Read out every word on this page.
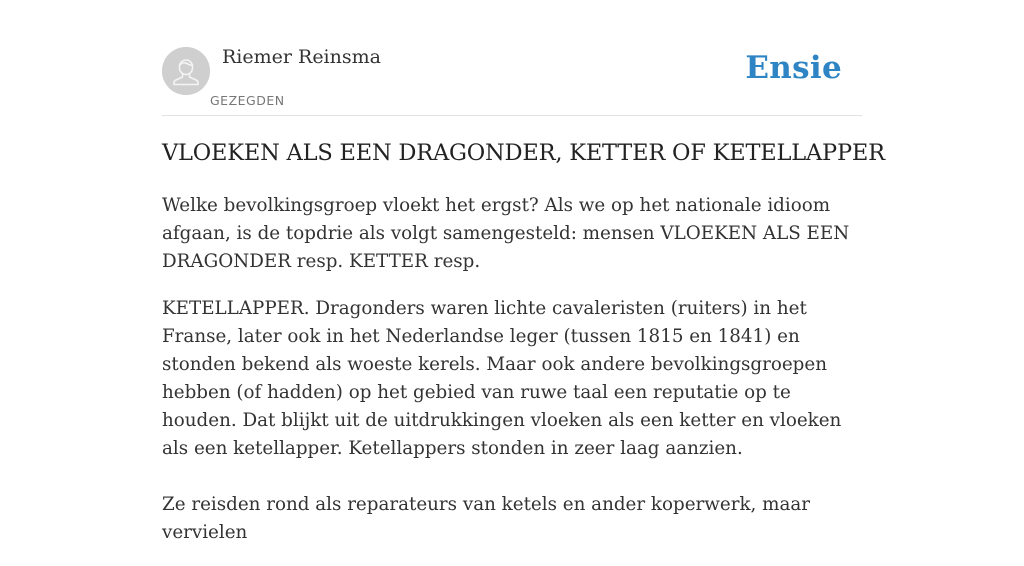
Riemer Reinsma
GEZEGDEN
Ensie
VLOEKEN ALS EEN DRAGONDER, KETTER OF KETELLAPPER

Welke bevolkingsgroep vloekt het ergst? Als we op het nationale idioom afgaan, is de topdrie als volgt samengesteld: mensen VLOEKEN ALS EEN DRAGONDER resp. KETTER resp.

KETELLAPPER. Dragonders waren lichte cavaleristen (ruiters) in het Franse, later ook in het Nederlandse leger (tussen 1815 en 1841) en stonden bekend als woeste kerels. Maar ook andere bevolkingsgroepen hebben (of hadden) op het gebied van ruwe taal een reputatie op te houden. Dat blijkt uit de uitdrukkingen vloeken als een ketter en vloeken als een ketellapper. Ketellappers stonden in zeer laag aanzien.

Ze reisden rond als reparateurs van ketels en ander koperwerk, maar vervielen
